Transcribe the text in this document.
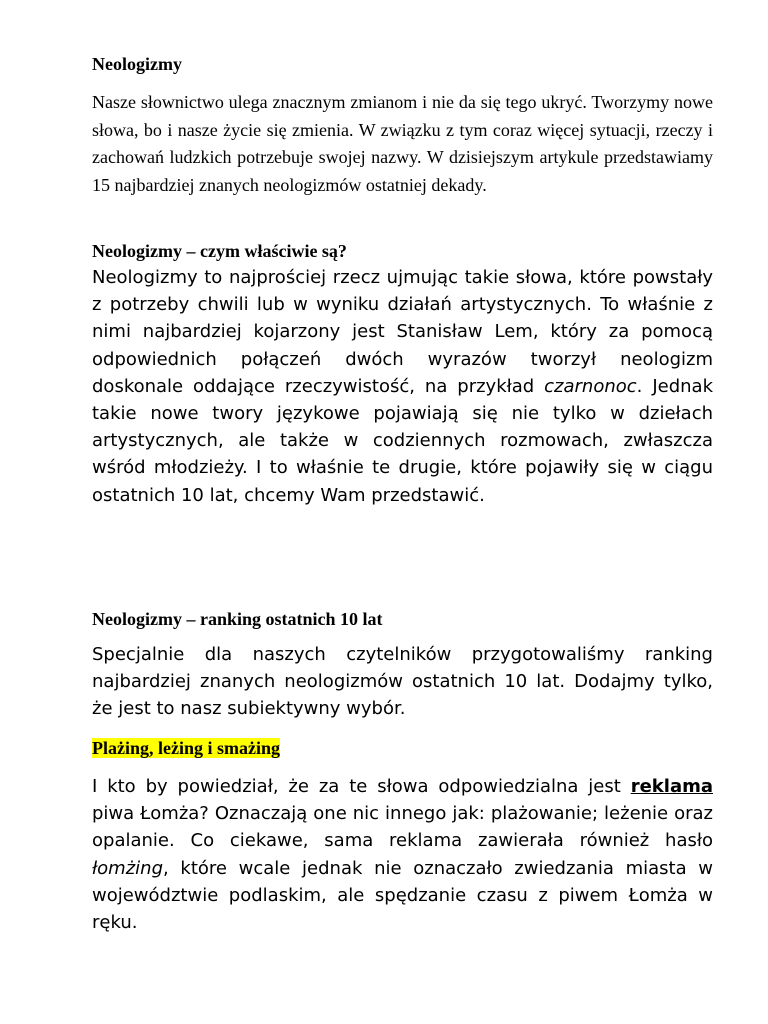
Neologizmy

Nasze słownictwo ulega znacznym zmianom i nie da się tego ukryć. Tworzymy nowe słowa, bo i nasze życie się zmienia. W związku z tym coraz więcej sytuacji, rzeczy i zachowań ludzkich potrzebuje swojej nazwy. W dzisiejszym artykule przedstawiamy 15 najbardziej znanych neologizmów ostatniej dekady.

Neologizmy – czym właściwie są?

Neologizmy to najprościej rzecz ujmując takie słowa, które powstały z potrzeby chwili lub w wyniku działań artystycznych. To właśnie z nimi najbardziej kojarzony jest Stanisław Lem, który za pomocą odpowiednich połączeń dwóch wyrazów tworzył neologizm doskonale oddające rzeczywistość, na przykład czarnonoc. Jednak takie nowe twory językowe pojawiają się nie tylko w dziełach artystycznych, ale także w codziennych rozmowach, zwłaszcza wśród młodzieży. I to właśnie te drugie, które pojawiły się w ciągu ostatnich 10 lat, chcemy Wam przedstawić.

Neologizmy – ranking ostatnich 10 lat

Specjalnie dla naszych czytelników przygotowaliśmy ranking najbardziej znanych neologizmów ostatnich 10 lat. Dodajmy tylko, że jest to nasz subiektywny wybór.

Plażing, leżing i smażing

I kto by powiedział, że za te słowa odpowiedzialna jest reklama piwa Łomża? Oznaczają one nic innego jak: plażowanie; leżenie oraz opalanie. Co ciekawe, sama reklama zawierała również hasło łomżing, które wcale jednak nie oznaczało zwiedzania miasta w województwie podlaskim, ale spędzanie czasu z piwem Łomża w ręku.
